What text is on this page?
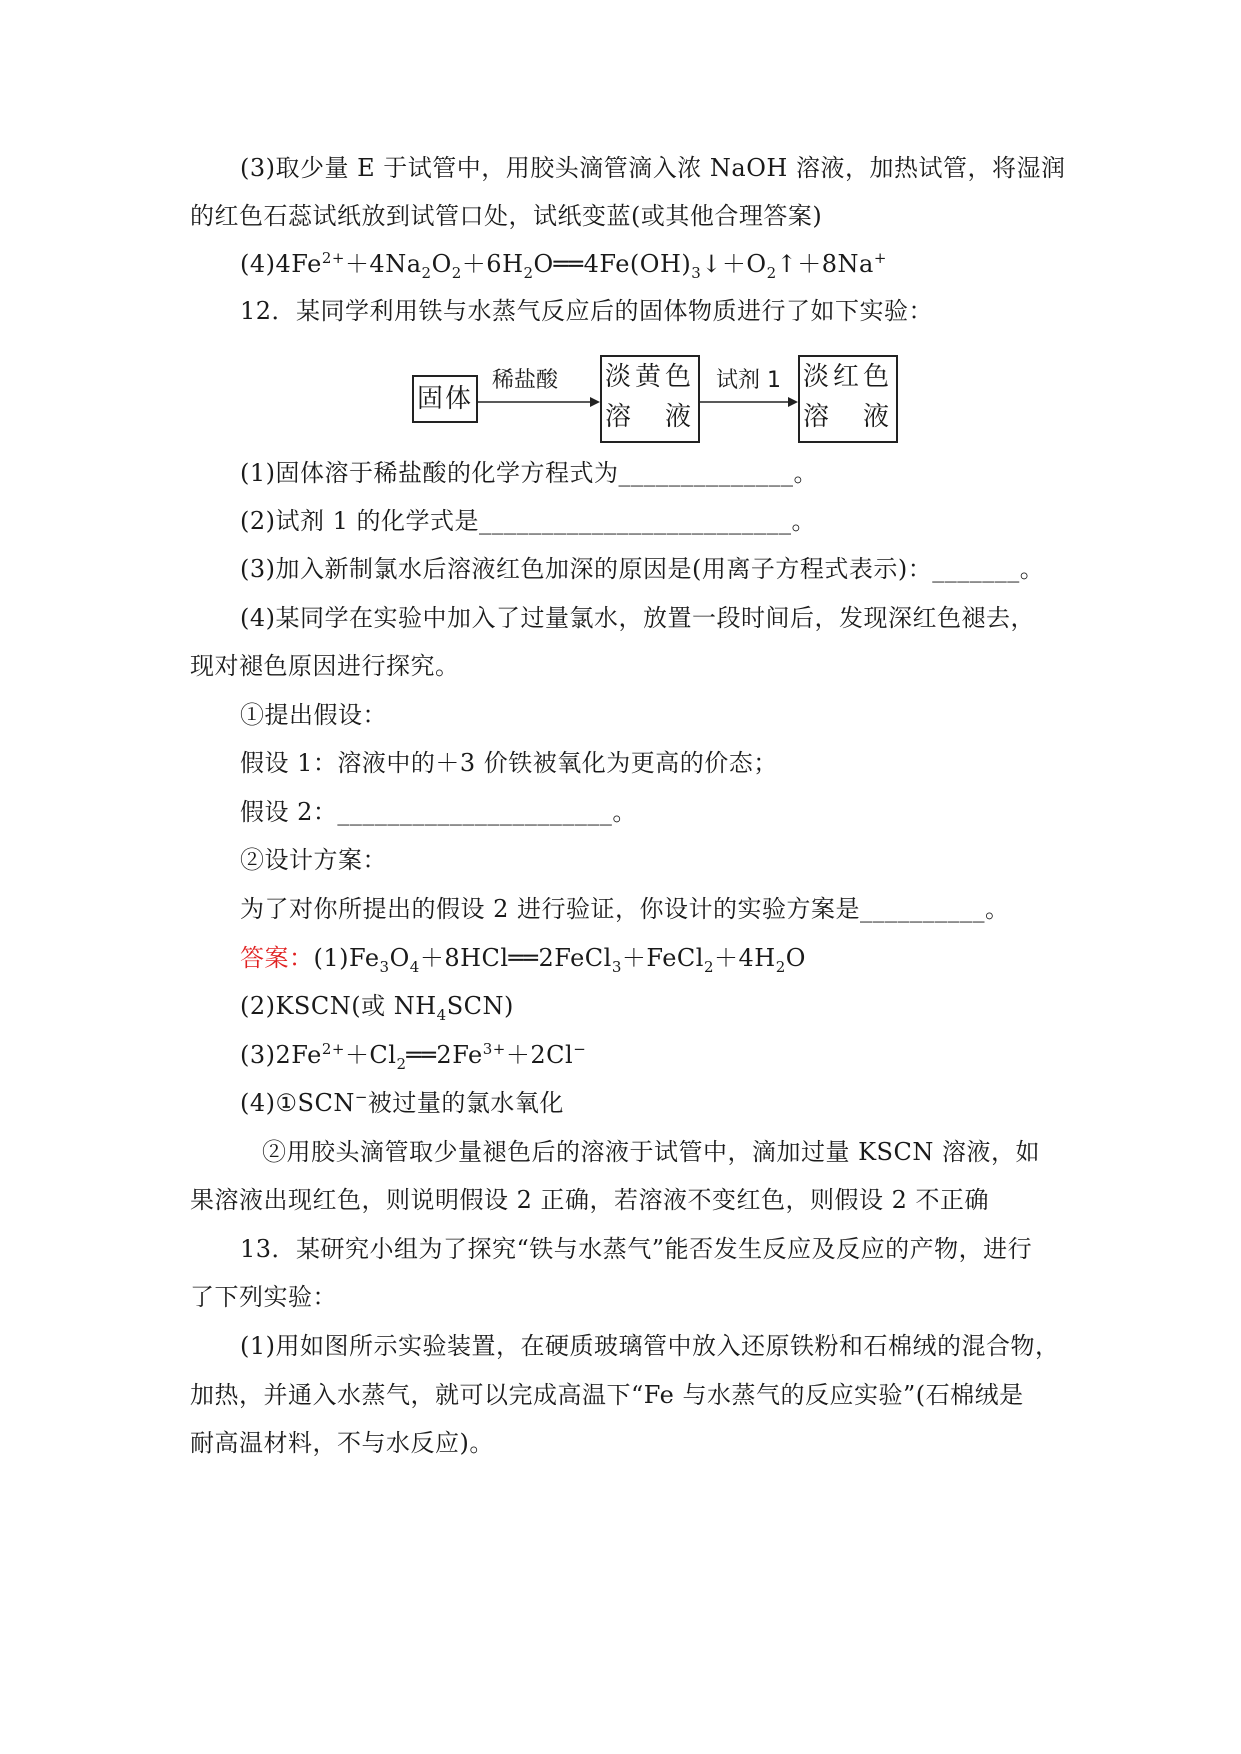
(3)取少量 E 于试管中，用胶头滴管滴入浓 NaOH 溶液，加热试管，将湿润
的红色石蕊试纸放到试管口处，试纸变蓝(或其他合理答案)
$(4)4Fe^{2+}+4Na_2O_2+6H_2O══4Fe(OH)_3↓+O_2↑+8Na^+$
12．某同学利用铁与水蒸气反应后的固体物质进行了如下实验：
固体
稀盐酸 淡黄色
溶　液
试剂 1 淡红色
溶　液
(1)固体溶于稀盐酸的化学方程式为______________。
(2)试剂 1 的化学式是_________________________。
(3)加入新制氯水后溶液红色加深的原因是(用离子方程式表示)：_______。
(4)某同学在实验中加入了过量氯水，放置一段时间后，发现深红色褪去，
现对褪色原因进行探究。
①提出假设：
假设 1：溶液中的＋3 价铁被氧化为更高的价态；
假设 2：______________________。
②设计方案：
为了对你所提出的假设 2 进行验证，你设计的实验方案是__________。
答案：$(1)Fe_3O_4+8HCl══2FeCl_3+FeCl_2+4H_2O$
(2)KSCN(或 $NH_4SCN$)
$(3)2Fe^{2+}+Cl_2══2Fe^{3+}+2Cl^-$
(4)①SCN−被过量的氯水氧化
②用胶头滴管取少量褪色后的溶液于试管中，滴加过量 KSCN 溶液，如
果溶液出现红色，则说明假设 2 正确，若溶液不变红色，则假设 2 不正确
13．某研究小组为了探究“铁与水蒸气”能否发生反应及反应的产物，进行
了下列实验：
(1)用如图所示实验装置，在硬质玻璃管中放入还原铁粉和石棉绒的混合物，
加热，并通入水蒸气，就可以完成高温下“Fe 与水蒸气的反应实验”(石棉绒是
耐高温材料，不与水反应)。
